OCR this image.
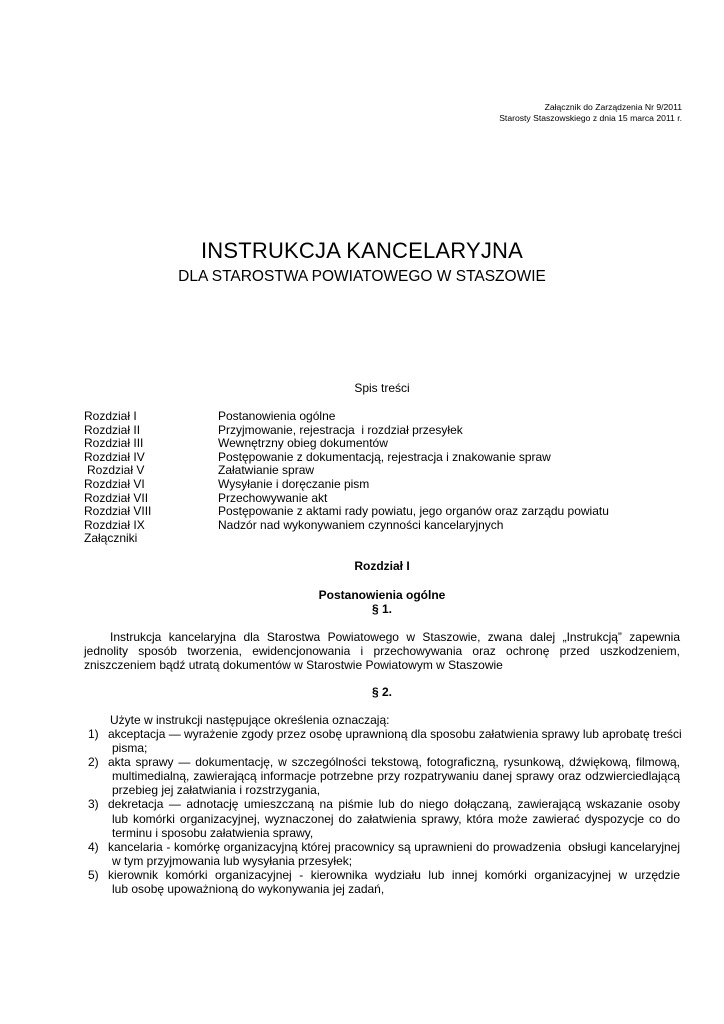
Załącznik do Zarządzenia Nr 9/2011
Starosty Staszowskiego z dnia 15 marca 2011 r.
INSTRUKCJA KANCELARYJNA
DLA STAROSTWA POWIATOWEGO W STASZOWIE
Spis treści
Rozdział I	Postanowienia ogólne
Rozdział II	Przyjmowanie, rejestracja  i rozdział przesyłek
Rozdział III	Wewnętrzny obieg dokumentów
Rozdział IV	Postępowanie z dokumentacją, rejestracja i znakowanie spraw
Rozdział V	Załatwianie spraw
Rozdział VI	Wysyłanie i doręczanie pism
Rozdział VII	Przechowywanie akt
Rozdział VIII	Postępowanie z aktami rady powiatu, jego organów oraz zarządu powiatu
Rozdział IX	Nadzór nad wykonywaniem czynności kancelaryjnych
Załączniki
Rozdział I
Postanowienia ogólne
§ 1.
Instrukcja kancelaryjna dla Starostwa Powiatowego w Staszowie, zwana dalej „Instrukcją” zapewnia
jednolity sposób tworzenia, ewidencjonowania i przechowywania oraz ochronę przed uszkodzeniem,
zniszczeniem bądź utratą dokumentów w Starostwie Powiatowym w Staszowie
§ 2.
Użyte w instrukcji następujące określenia oznaczają:
1) akceptacja — wyrażenie zgody przez osobę uprawnioną dla sposobu załatwienia sprawy lub aprobatę treści
pisma;
2) akta sprawy — dokumentację, w szczególności tekstową, fotograficzną, rysunkową, dźwiękową, filmową,
multimedialną, zawierającą informacje potrzebne przy rozpatrywaniu danej sprawy oraz odzwierciedlającą
przebieg jej załatwiania i rozstrzygania,
3) dekretacja — adnotację umieszczaną na piśmie lub do niego dołączaną, zawierającą wskazanie osoby
lub komórki organizacyjnej, wyznaczonej do załatwienia sprawy, która może zawierać dyspozycje co do
terminu i sposobu załatwienia sprawy,
4) kancelaria - komórkę organizacyjną której pracownicy są uprawnieni do prowadzenia  obsługi kancelaryjnej
w tym przyjmowania lub wysyłania przesyłek;
5) kierownik komórki organizacyjnej - kierownika wydziału lub innej komórki organizacyjnej w urzędzie
lub osobę upoważnioną do wykonywania jej zadań,
